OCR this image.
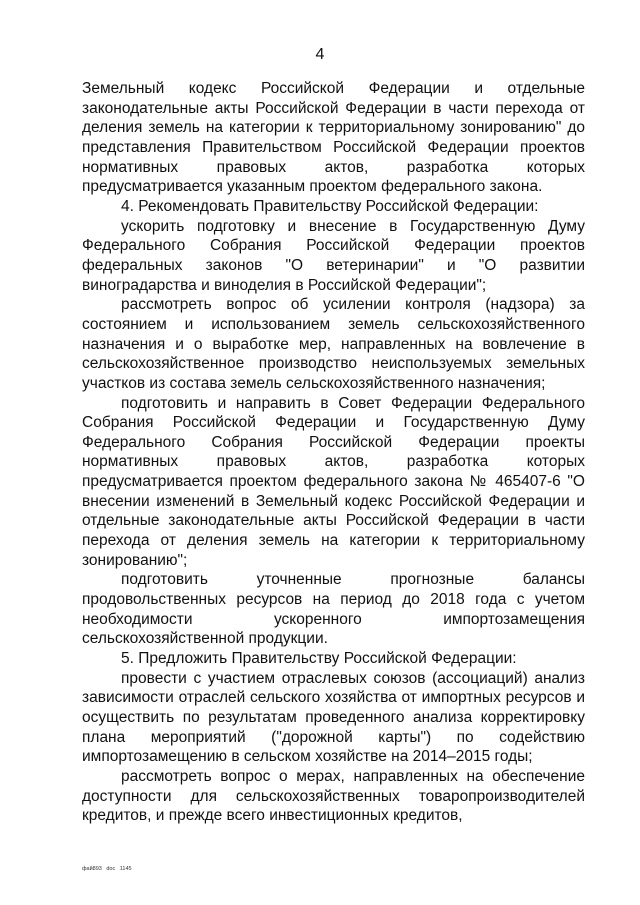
4

Земельный кодекс Российской Федерации и отдельные законодательные акты Российской Федерации в части перехода от деления земель на категории к территориальному зонированию" до представления Правительством Российской Федерации проектов нормативных правовых актов, разработка которых предусматривается указанным проектом федерального закона.

4. Рекомендовать Правительству Российской Федерации:

ускорить подготовку и внесение в Государственную Думу Федерального Собрания Российской Федерации проектов федеральных законов "О ветеринарии" и "О развитии виноградарства и виноделия в Российской Федерации";

рассмотреть вопрос об усилении контроля (надзора) за состоянием и использованием земель сельскохозяйственного назначения и о выработке мер, направленных на вовлечение в сельскохозяйственное производство неиспользуемых земельных участков из состава земель сельскохозяйственного назначения;

подготовить и направить в Совет Федерации Федерального Собрания Российской Федерации и Государственную Думу Федерального Собрания Российской Федерации проекты нормативных правовых актов, разработка которых предусматривается проектом федерального закона № 465407-6 "О внесении изменений в Земельный кодекс Российской Федерации и отдельные законодательные акты Российской Федерации в части перехода от деления земель на категории к территориальному зонированию";

подготовить уточненные прогнозные балансы продовольственных ресурсов на период до 2018 года с учетом необходимости ускоренного импортозамещения сельскохозяйственной продукции.

5. Предложить Правительству Российской Федерации:

провести с участием отраслевых союзов (ассоциаций) анализ зависимости отраслей сельского хозяйства от импортных ресурсов и осуществить по результатам проведенного анализа корректировку плана мероприятий ("дорожной карты") по содействию импортозамещению в сельском хозяйстве на 2014–2015 годы;

рассмотреть вопрос о мерах, направленных на обеспечение доступности для сельскохозяйственных товаропроизводителей кредитов, и прежде всего инвестиционных кредитов,

фай893 doc 1145
